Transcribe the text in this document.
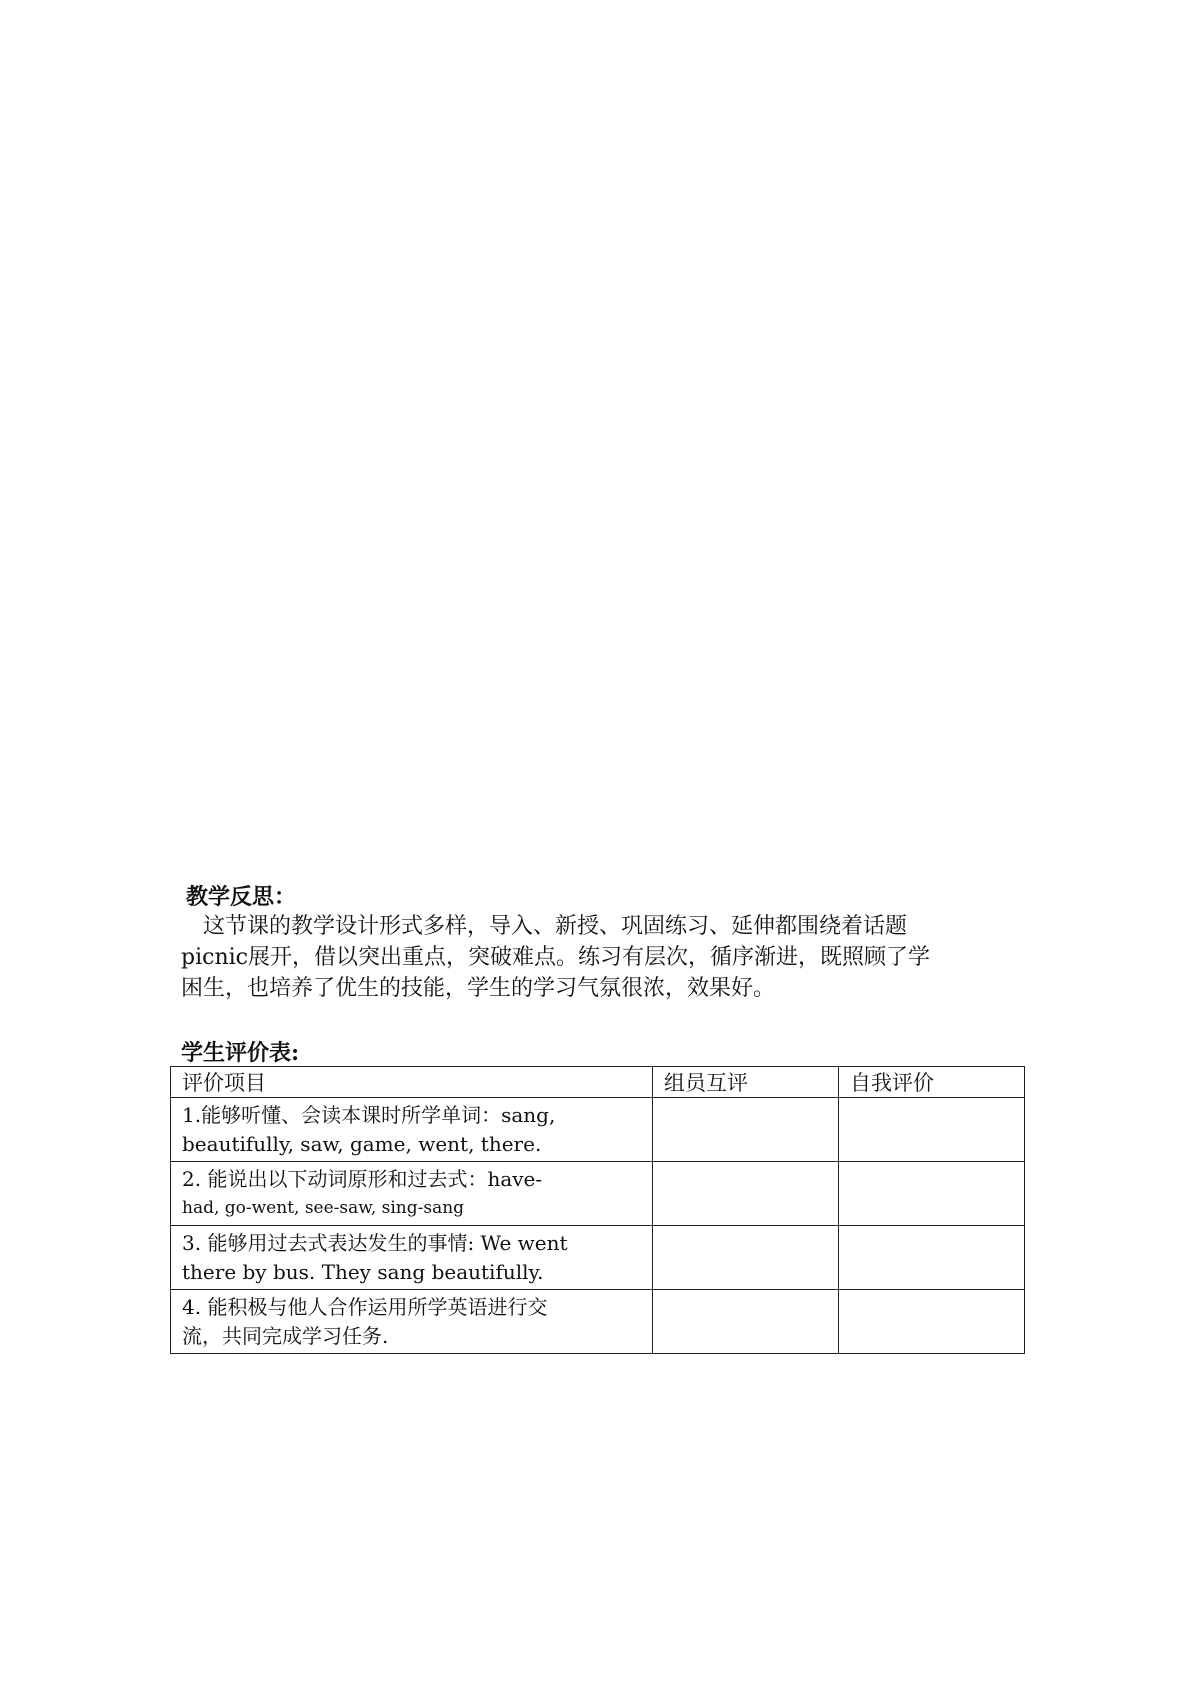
教学反思：

　这节课的教学设计形式多样，导入、新授、巩固练习、延伸都围绕着话题

picnic展开，借以突出重点，突破难点。练习有层次，循序渐进，既照顾了学

困生，也培养了优生的技能，学生的学习气氛很浓，效果好。

学生评价表:
评价项目	组员互评	自我评价

1.能够听懂、会读本课时所学单词：sang,
beautifully, saw, game, went, there.		

2. 能说出以下动词原形和过去式：have-
had, go-went, see-saw, sing-sang		

3. 能够用过去式表达发生的事情: We went
there by bus. They sang beautifully.		

4. 能积极与他人合作运用所学英语进行交
流，共同完成学习任务.		
